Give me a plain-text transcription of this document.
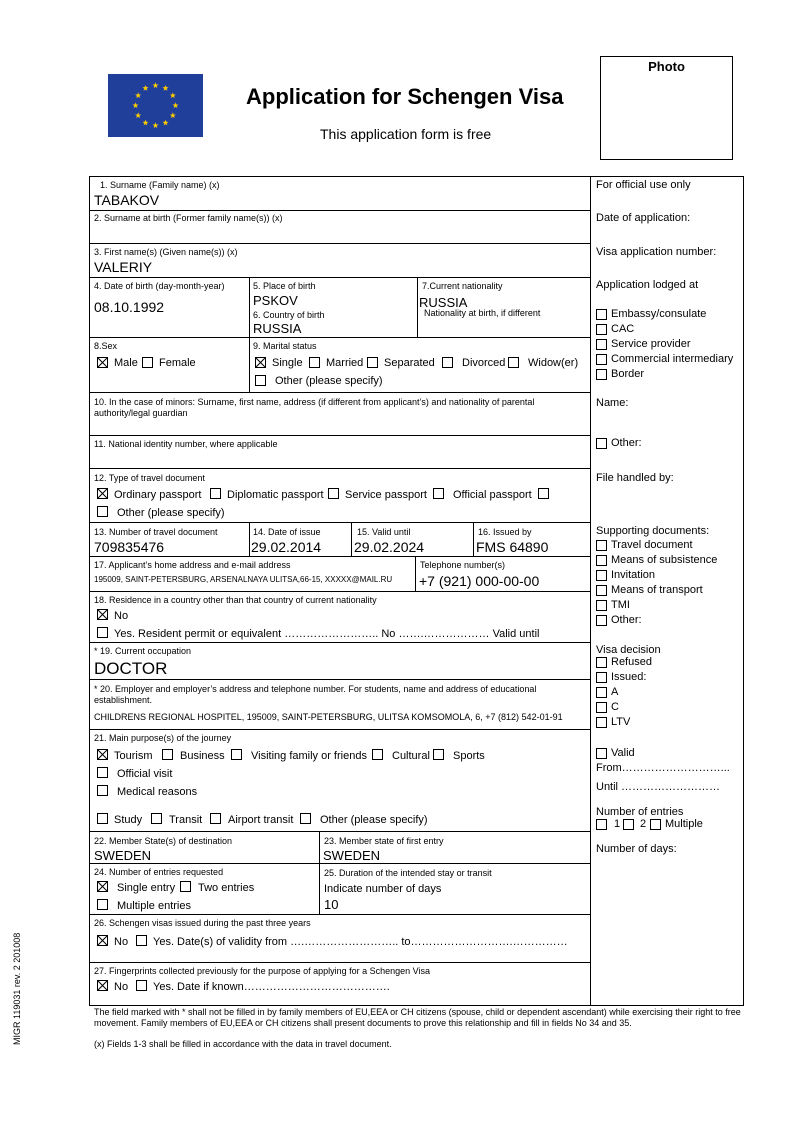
Application for Schengen Visa
This application form is free
Photo
1. Surname (Family name) (x)
TABAKOV
2. Surname at birth (Former family name(s)) (x)
3. First name(s) (Given name(s)) (x)
VALERIY
4. Date of birth (day-month-year)
08.10.1992
5. Place of birth
PSKOV
6. Country of birth
RUSSIA
7.Current nationality
RUSSIA
Nationality at birth, if different
8.Sex
Male Female
9. Marital status
Single Married Separated Divorced Widow(er)
Other (please specify)
10. In the case of minors: Surname, first name, address (if different from applicant’s) and nationality of parental
authority/legal guardian
11. National identity number, where applicable
12. Type of travel document
Ordinary passport Diplomatic passport Service passport Official passport
Other (please specify)
13. Number of travel document
709835476
14. Date of issue
29.02.2014
15. Valid until
29.02.2024
16. Issued by
FMS 64890
17. Applicant’s home address and e-mail address
195009, SAINT-PETERSBURG, ARSENALNAYA ULITSA,66-15, XXXXX@MAIL.RU
Telephone number(s)
+7 (921) 000-00-00
18. Residence in a country other than that country of current nationality
No
Yes. Resident permit or equivalent …………………….. No …….……………… Valid until
* 19. Current occupation
DOCTOR
* 20. Employer and employer’s address and telephone number. For students, name and address of educational
establishment.
CHILDRENS REGIONAL HOSPITEL, 195009, SAINT-PETERSBURG, ULITSA KOMSOMOLA, 6, +7 (812) 542-01-91
21. Main purpose(s) of the journey
Tourism Business Visiting family or friends Cultural Sports
Official visit
Medical reasons
Study Transit Airport transit Other (please specify)
22. Member State(s) of destination
SWEDEN
23. Member state of first entry
SWEDEN
24. Number of entries requested
Single entry Two entries
Multiple entries
25. Duration of the intended stay or transit
Indicate number of days
10
26. Schengen visas issued during the past three years
No Yes. Date(s) of validity from ….…………………….. to……………………….……………
27. Fingerprints collected previously for the purpose of applying for a Schengen Visa
No Yes. Date if known………………………………….
For official use only
Date of application:
Visa application number:
Application lodged at
Embassy/consulate
CAC
Service provider
Commercial intermediary
Border
Name:
Other:
File handled by:
Supporting documents:
Travel document
Means of subsistence
Invitation
Means of transport
TMI
Other:
Visa decision
Refused
Issued:
A
C
LTV
Valid
From………………………...
Until ………………………
Number of entries
1 2 Multiple
Number of days:
The field marked with * shall not be filled in by family members of EU,EEA or CH citizens (spouse, child or dependent ascendant) while exercising their right to free movement. Family members of EU,EEA or CH citizens shall present documents to prove this relationship and fill in fields No 34 and 35.
(x) Fields 1-3 shall be filled in accordance with the data in travel document.
MIGR 119031 rev. 2 201008
